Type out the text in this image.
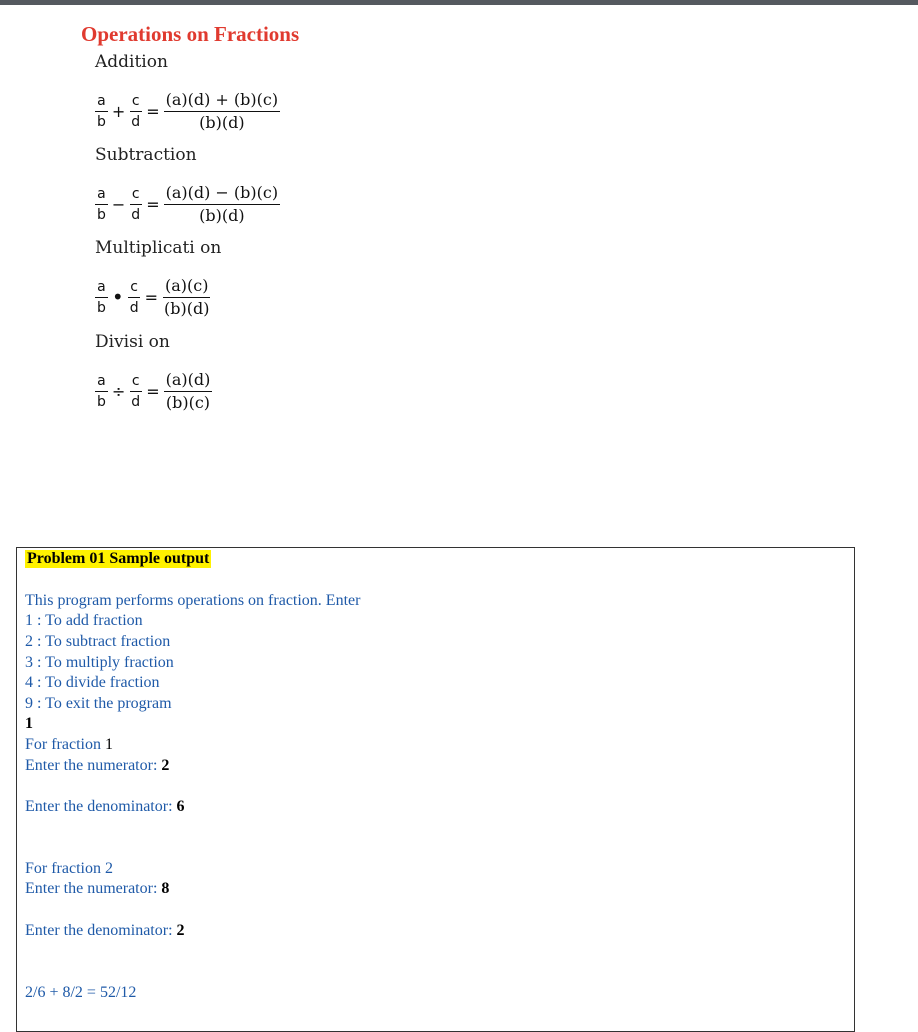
Operations on Fractions
Addition
$\frac{a}{b} + \frac{c}{d} = \frac{(a)(d) + (b)(c)}{(b)(d)}$
Subtraction
$\frac{a}{b} - \frac{c}{d} = \frac{(a)(d) - (b)(c)}{(b)(d)}$
Multiplicati on
$\frac{a}{b}$ • $\frac{c}{d} = \frac{(a)(c)}{(b)(d)}$
Divisi on
$\frac{a}{b} \div \frac{c}{d} = \frac{(a)(d)}{(b)(c)}$
Problem 01 Sample output
This program performs operations on fraction. Enter
1 : To add fraction
2 : To subtract fraction
3 : To multiply fraction
4 : To divide fraction
9 : To exit the program
1
For fraction 1
Enter the numerator: 2
Enter the denominator: 6
For fraction 2
Enter the numerator: 8
Enter the denominator: 2
2/6 + 8/2 = 52/12
